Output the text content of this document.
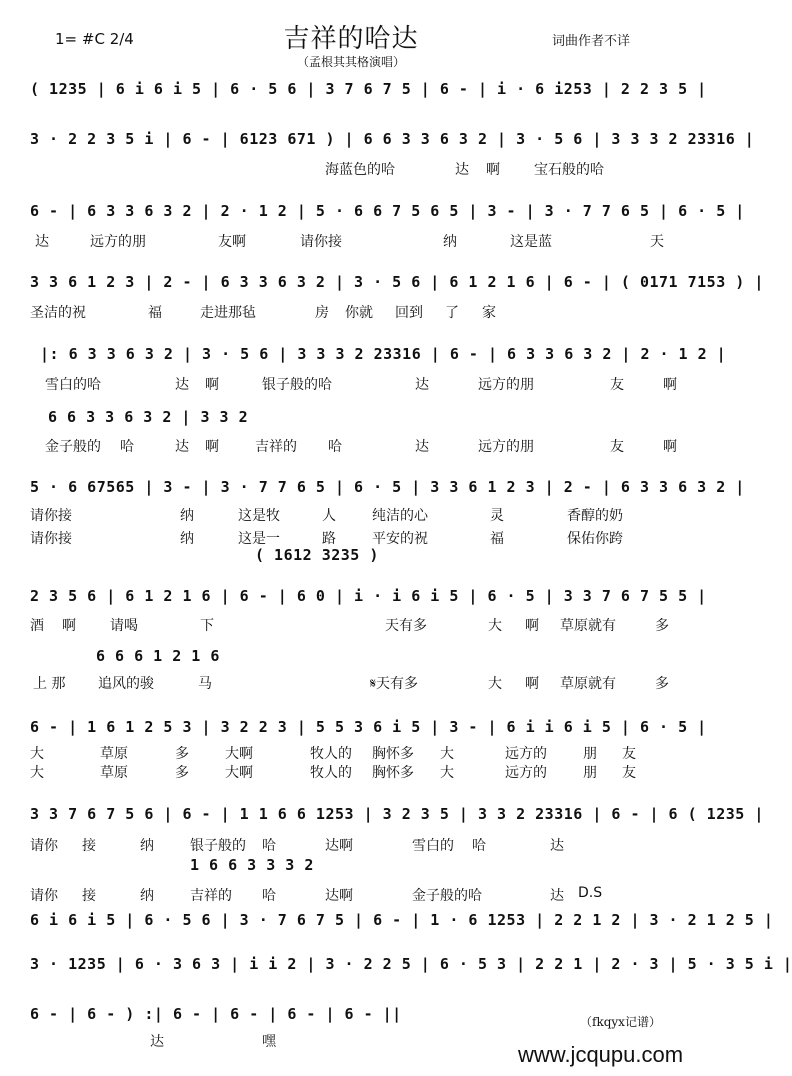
1= #C 2/4	吉祥的哈达	词曲作者不详
（孟根其其格演唱）
( 1235 | 6 i 6 i 5 | 6 · 5 6 | 3 7 6 7 5 | 6 - | i · 6 i253 | 2 2 3 5 |
3 · 2 2 3 5 i | 6 - | 6123 671 ) | 6 6 3 3 6 3 2 | 3 · 5 6 | 3 3 3 2 23316 |
海蓝色的哈	达 啊 宝石般的哈
6 - | 6 3 3 6 3 2 | 2 · 1 2 | 5 · 6 6 7 5 6 5 | 3 - | 3 · 7 7 6 5 | 6 · 5 |
达	远方的朋	友啊	请你接	纳	这是蓝	天
3 3 6 1 2 3 | 2 - | 6 3 3 6 3 2 | 3 · 5 6 | 6 1 2 1 6 | 6 - | ( 0171 7153 ) |
圣洁的祝	福	走进那毡	房 你就 回到 了 家
|: 6 3 3 6 3 2 | 3 · 5 6 | 3 3 3 2 23316 | 6 - | 6 3 3 6 3 2 | 2 · 1 2 |
雪白的哈	达 啊	银子般的哈	达	远方的朋	友	啊
6 6 3 3 6 3 2 | 3 3 2
金子般的 哈	达 啊	吉祥的 哈	达	远方的朋	友	啊
5 · 6 67565 | 3 - | 3 · 7 7 6 5 | 6 · 5 | 3 3 6 1 2 3 | 2 - | 6 3 3 6 3 2 |
请你接	纳	这是牧	人	纯洁的心	灵	香醇的奶
请你接	纳	这是一	路	平安的祝	福	保佑你跨
( 1612 3235 )
2 3 5 6 | 6 1 2 1 6 | 6 - | 6 0 | i · i 6 i 5 | 6 · 5 | 3 3 7 6 7 5 5 |
酒 啊 请喝	下	天有多	大 啊 草原就有	多
6 6 6 1 2 1 6
上 那 追风的骏	马	𝄋天有多	大 啊 草原就有	多
6 - | 1 6 1 2 5 3 | 3 2 2 3 | 5 5 3 6 i 5 | 3 - | 6 i i 6 i 5 | 6 · 5 |
大	草原	多	大啊	牧人的 胸怀多 大	远方的	朋 友
大	草原	多	大啊	牧人的 胸怀多 大	远方的	朋 友
3 3 7 6 7 5 6 | 6 - | 1 1 6 6 1253 | 3 2 3 5 | 3 3 2 23316 | 6 - | 6 ( 1235 |
请你 接	纳	银子般的 哈	达啊	雪白的 哈	达
1 6 6 3 3 3 2
请你 接	纳	吉祥的 哈	达啊	金子般的哈	达 D.S
6 i 6 i 5 | 6 · 5 6 | 3 · 7 6 7 5 | 6 - | 1 · 6 1253 | 2 2 1 2 | 3 · 2 1 2 5 |
3 · 1235 | 6 · 3 6 3 | i i 2 | 3 · 2 2 5 | 6 · 5 3 | 2 2 1 | 2 · 3 | 5 · 3 5 i |
6 - | 6 - ) :| 6 - | 6 - | 6 - | 6 - ||
达	嘿
（fkqyx记谱）
www.jcqupu.com
